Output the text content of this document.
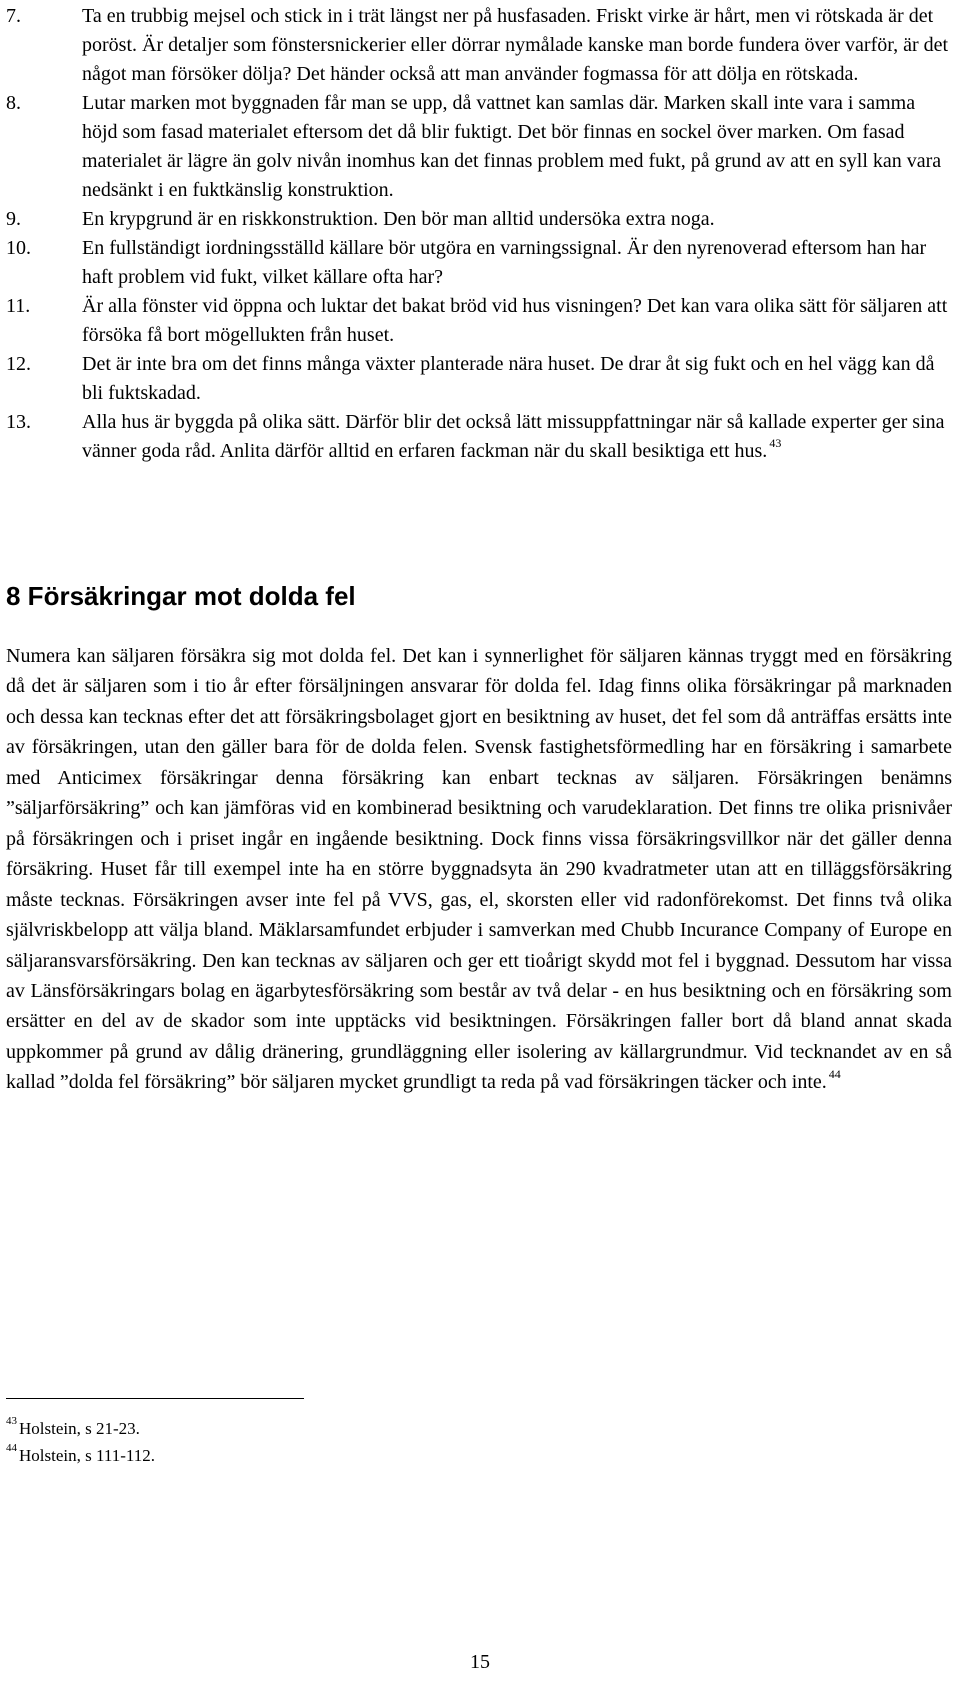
7.	Ta en trubbig mejsel och stick in i trät längst ner på husfasaden. Friskt virke är hårt, men vi rötskada är det poröst. Är detaljer som fönstersnickerier eller dörrar nymålade kanske man borde fundera över varför, är det något man försöker dölja? Det händer också att man använder fogmassa för att dölja en rötskada.
8.	Lutar marken mot byggnaden får man se upp, då vattnet kan samlas där. Marken skall inte vara i samma höjd som fasad materialet eftersom det då blir fuktigt. Det bör finnas en sockel över marken. Om fasad materialet är lägre än golv nivån inomhus kan det finnas problem med fukt, på grund av att en syll kan vara nedsänkt i en fuktkänslig konstruktion.
9.	En krypgrund är en riskkonstruktion. Den bör man alltid undersöka extra noga.
10.	En fullständigt iordningsställd källare bör utgöra en varningssignal. Är den nyrenoverad eftersom han har haft problem vid fukt, vilket källare ofta har?
11.	Är alla fönster vid öppna och luktar det bakat bröd vid hus visningen? Det kan vara olika sätt för säljaren att försöka få bort mögellukten från huset.
12.	Det är inte bra om det finns många växter planterade nära huset. De drar åt sig fukt och en hel vägg kan då bli fuktskadad.
13.	Alla hus är byggda på olika sätt. Därför blir det också lätt missuppfattningar när så kallade experter ger sina vänner goda råd. Anlita därför alltid en erfaren fackman när du skall besiktiga ett hus. $^{43}$
8 Försäkringar mot dolda fel

Numera kan säljaren försäkra sig mot dolda fel. Det kan i synnerlighet för säljaren kännas tryggt med en försäkring då det är säljaren som i tio år efter försäljningen ansvarar för dolda fel. Idag finns olika försäkringar på marknaden och dessa kan tecknas efter det att försäkringsbolaget gjort en besiktning av huset, det fel som då anträffas ersätts inte av försäkringen, utan den gäller bara för de dolda felen. Svensk fastighetsförmedling har en försäkring i samarbete med Anticimex försäkringar denna försäkring kan enbart tecknas av säljaren. Försäkringen benämns ”säljarförsäkring” och kan jämföras vid en kombinerad besiktning och varudeklaration. Det finns tre olika prisnivåer på försäkringen och i priset ingår en ingående besiktning. Dock finns vissa försäkringsvillkor när det gäller denna försäkring. Huset får till exempel inte ha en större byggnadsyta än 290 kvadratmeter utan att en tilläggsförsäkring måste tecknas. Försäkringen avser inte fel på VVS, gas, el, skorsten eller vid radonförekomst. Det finns två olika självriskbelopp att välja bland. Mäklarsamfundet erbjuder i samverkan med Chubb Incurance Company of Europe en säljaransvarsförsäkring. Den kan tecknas av säljaren och ger ett tioårigt skydd mot fel i byggnad. Dessutom har vissa av Länsförsäkringars bolag en ägarbytesförsäkring som består av två delar - en hus besiktning och en försäkring som ersätter en del av de skador som inte upptäcks vid besiktningen. Försäkringen faller bort då bland annat skada uppkommer på grund av dålig dränering, grundläggning eller isolering av källargrundmur. Vid tecknandet av en så kallad ”dolda fel försäkring” bör säljaren mycket grundligt ta reda på vad försäkringen täcker och inte. $^{44}$

$^{43}$ Holstein, s 21-23.
$^{44}$ Holstein, s 111-112.
15
